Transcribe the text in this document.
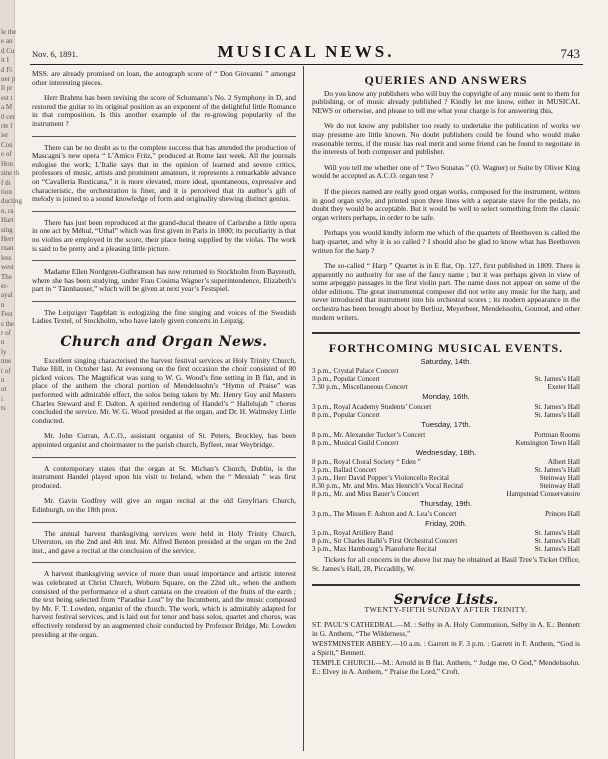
le the
e an
d Cu
it I
d Fi
ner p
ll pr
est t
a M
0 cer
rte f
ier
Con
e of
Hon
sine th
f th
tion
ducting
n, ra
Hart
sing
Herr
rnan
less
west
The
er-
ayal
n
Fest
s the
r of
n
ly
nne
t of
n
ut
i
ts
Nov. 6, 1891.	MUSICAL NEWS.	743

MSS. are already promised on loan, the autograph score of “ Don Giovanni ” amongst other interesting pieces.

Herr Brahms has been revising the score of Schumann’s No. 2 Symphony in D, and restored the guitar to its original position as an exponent of the delightful little Romance in that composition. Is this another example of the re-growing popularity of the instrument ?

There can be no doubt as to the complete success that has attended the production of Mascagni’s new opera “ L’Amico Fritz,” produced at Rome last week. All the journals eulogise the work; L’Italie says that in the opinion of learned and severe critics, professors of music, artists and prominent amateurs, it represents a remarkable advance on “Cavalleria Rusticana,” it is more elevated, more ideal, spontaneous, expressive and characteristic, the orchestration is finer, and it is perceived that its author’s gift of melody is joined to a sound knowledge of form and originality shewing distinct genius.

There has just been reproduced at the grand-ducal theatre of Carlsruhe a little opera in one act by Méhul, “Uthal” which was first given in Paris in 1800; its peculiarity is that no violins are employed in the score, their place being supplied by the violas. The work is said to be pretty and a pleasing little picture.

Madame Ellen Nordgren-Gulbranson has now returned to Stockholm from Bayreuth, where she has been studying, under Frau Cosima Wagner’s superintendence, Elizabeth’s part in “ Tännhauser,” which will be given at next year’s Festspiel.

The Leipziger Tageblatt is eulogizing the fine singing and voices of the Swedish Ladies Textel, of Stockholm, who have lately given concerts in Leipzig.

Church and Organ News.

Excellent singing characterised the harvest festival services at Holy Trinity Church, Tulse Hill, in October last. At evensong on the first occasion the choir consisted of 80 picked voices. The Magnificat was sung to W. G. Wood’s fine setting in B flat, and in place of the anthem the choral portion of Mendelssohn’s “Hymn of Praise” was performed with admirable effect, the solos being taken by Mr. Henry Guy and Masters Charles Steward and F. Dalton. A spirited rendering of Handel’s “ Hallelujah ” chorus concluded the service. Mr. W. G. Wood presided at the organ, and Dr. H. Walmsley Little conducted.

Mr. John Curran, A.C.O., assistant organist of St. Peters, Brockley, has been appointed organist and choirmaster to the parish church, Byfleet, near Weybridge.

A contemporary states that the organ at St. Michan’s Church, Dublin, is the instrument Handel played upon his visit to Ireland, when the “ Messiah ” was first produced.

Mr. Gavin Godfrey will give an organ recital at the old Greyfriars Church, Edinburgh, on the 18th prox.

The annual harvest thanksgiving services were held in Holy Trinity Church, Ulverston, on the 2nd and 4th inst. Mr. Alfred Benton presided at the organ on the 2nd inst., and gave a recital at the conclusion of the service.

A harvest thanksgiving service of more than usual importance and artistic interest was celebrated at Christ Church, Woburn Square, on the 22nd ult., when the anthem consisted of the performance of a short cantata on the creation of the fruits of the earth ; the text being selected from “Paradise Lost” by the Incumbent, and the music composed by Mr. F. T. Lowden, organist of the church. The work, which is admirably adapted for harvest festival services, and is laid out for tenor and bass solos, quartet and chorus, was effectively rendered by an augmented choir conducted by Professor Bridge, Mr. Lowden presiding at the organ.

QUERIES AND ANSWERS

Do you know any publishers who will buy the copyright of any music sent to them for publishing, or of music already published ? Kindly let me know, either in MUSICAL NEWS or otherwise, and please to tell me what your charge is for answering this,

We do not know any publisher too ready to undertake the publication of works we may presume are little known. No doubt publishers could be found who would make reasonable terms, if the music has real merit and some friend can be found to negotiate in the interests of both composer and publisher.

Will you tell me whether one of “ Two Sonatas ” (O. Wagner) or Suite by Oliver King would be accepted as A.C.O. organ test ?

If the pieces named are really good organ works, composed for the instrument, written in good organ style, and printed upon three lines with a separate stave for the pedals, no doubt they would be acceptable. But it would be well to select something from the classic organ writers perhaps, in order to be safe.

Perhaps you would kindly inform me which of the quartets of Beethoven is called the harp quartet, and why it is so called ? I should also be glad to know what has Beethoven written for the harp ?

The so-called “ Harp ” Quartet is in E flat, Op. 127, first published in 1809. There is apparently no authority for use of the fancy name ; but it was perhaps given in view of some arpeggio passages in the first violin part. The name does not appear on some of the older editions. The great instrumental composer did not write any music for the harp, and never introduced that instrument into his orchestral scores ; its modern appearance in the orchestra has been brought about by Berlioz, Meyerbeer, Mendelssohn, Gounod, and other modern writers.

FORTHCOMING MUSICAL EVENTS.
Saturday, 14th.
3 p.m., Crystal Palace Concert
3 p.m., Popular Concert	St. James’s Hall
7.30 p.m., Miscellaneous Concert	Exeter Hall
Monday, 16th.
3 p.m., Royal Academy Students’ Concert	St. James’s Hall
8 p.m., Popular Concert	St. James’s Hall
Tuesday, 17th.
8 p.m., Mr. Alexander Tucker’s Concert	Portman Rooms
8 p.m., Musical Guild Concert	Kensington Town Hall
Wednesday, 18th.
8 p.m., Royal Choral Society “ Eden ”	Albert Hall
3 p.m., Ballad Concert	St. James’s Hall
3 p.m., Herr David Popper’s Violoncello Recital	Steinway Hall
8.30 p.m., Mr. and Mrs. Max Henrich’s Vocal Recital	Steinway Hall
8 p.m., Mr. and Miss Bauer’s Concert	Hampstead Conservatoire
Thursday, 19th.
3 p.m., The Misses F. Ashton and A. Lea’s Concert	Princes Hall
Friday, 20th.
3 p.m., Royal Artillery Band	St. James’s Hall
8 p.m., Sir Charles Hallé’s First Orchestral Concert	St. James’s Hall
3 p.m., Max Hambourg’s Pianoforte Recital	St. James’s Hall

Tickets for all concerts in the above list may be obtained at Basil Tree’s Ticket Office, St. James’s Hall, 28, Piccadilly, W.

Service Lists.
TWENTY-FIFTH SUNDAY AFTER TRINITY.

ST. PAUL’S CATHEDRAL.—M. : Selby in A. Holy Communion, Selby in A. E.: Bennett in G. Anthem, “The Wilderness,”

WESTMINSTER ABBEY.—10 a.m. : Garrett in F. 3 p.m. : Garrett in F. Anthem, “God is a Spirit,” Bennett.

TEMPLE CHURCH.—M.: Arnold in B flat. Anthem, “ Judge me, O God,” Mendelssohn. E.: Elvey in A. Anthem, “ Praise the Lord,” Croft.
